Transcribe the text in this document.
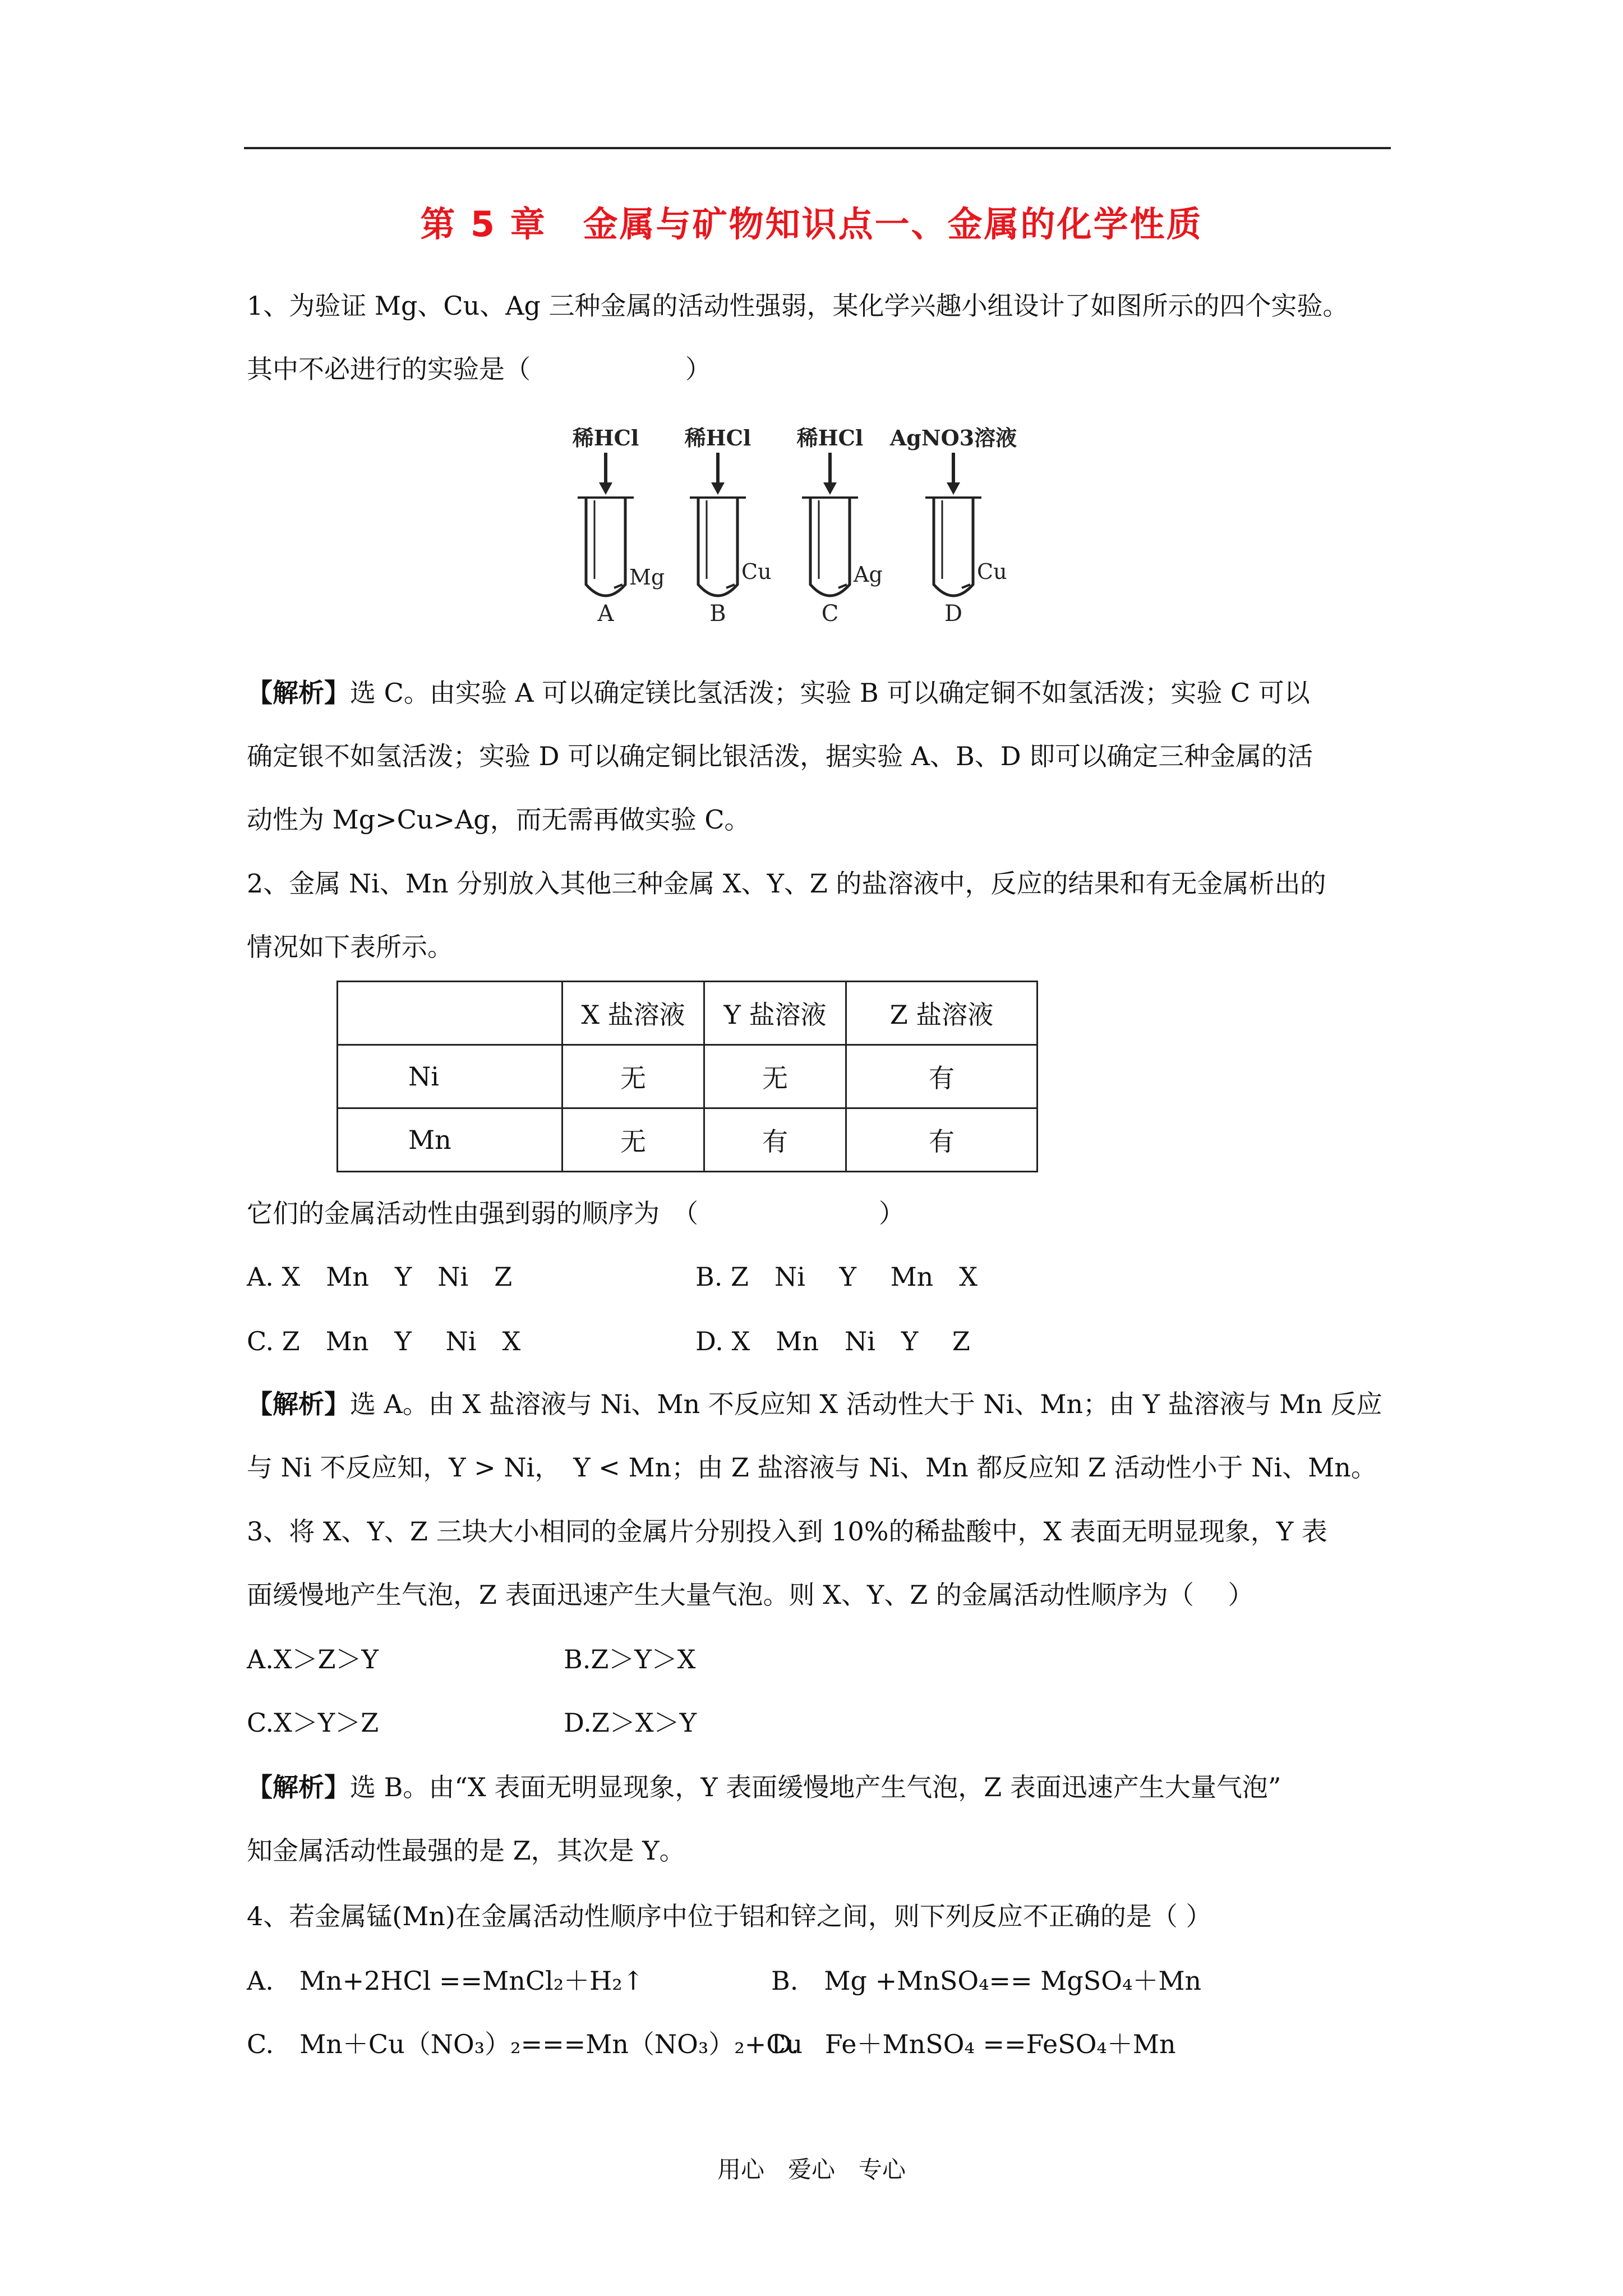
第 5 章　金属与矿物知识点一、金属的化学性质
1、为验证 Mg、Cu、Ag 三种金属的活动性强弱，某化学兴趣小组设计了如图所示的四个实验。
其中不必进行的实验是（　　　　　　）
稀HCl
Mg
A
稀HCl
Cu
B
稀HCl
Ag
C
AgNO3溶液
Cu
D
【解析】选 C。由实验 A 可以确定镁比氢活泼；实验 B 可以确定铜不如氢活泼；实验 C 可以
确定银不如氢活泼；实验 D 可以确定铜比银活泼，据实验 A、B、D 即可以确定三种金属的活
动性为 Mg>Cu>Ag，而无需再做实验 C。
2、金属 Ni、Mn 分别放入其他三种金属 X、Y、Z 的盐溶液中，反应的结果和有无金属析出的
情况如下表所示。
	X 盐溶液	Y 盐溶液	Z 盐溶液
Ni	无	无	有
Mn	无	有	有
它们的金属活动性由强到弱的顺序为　（　　　　　　　）
A. X　Mn　Y　Ni　Z	B. Z　Ni　 Y　 Mn　X
C. Z　Mn　Y　 Ni　X	D. X　Mn　Ni　Y　 Z
【解析】选 A。由 X 盐溶液与 Ni、Mn 不反应知 X 活动性大于 Ni、Mn；由 Y 盐溶液与 Mn 反应
与 Ni 不反应知，Y > Ni，　Y < Mn；由 Z 盐溶液与 Ni、Mn 都反应知 Z 活动性小于 Ni、Mn。
3、将 X、Y、Z 三块大小相同的金属片分别投入到 10%的稀盐酸中，X 表面无明显现象，Y 表
面缓慢地产生气泡，Z 表面迅速产生大量气泡。则 X、Y、Z 的金属活动性顺序为（　 ）
A.X＞Z＞Y	B.Z＞Y＞X
C.X＞Y＞Z	D.Z＞X＞Y
【解析】选 B。由“X 表面无明显现象，Y 表面缓慢地产生气泡，Z 表面迅速产生大量气泡”
知金属活动性最强的是 Z，其次是 Y。
4、若金属锰(Mn)在金属活动性顺序中位于铝和锌之间，则下列反应不正确的是（ ）
A.　Mn+2HCl ==MnCl₂＋H₂↑	B.　Mg +MnSO₄== MgSO₄＋Mn
C.　Mn＋Cu（NO₃）₂===Mn（NO₃）₂+Cu
D.　Fe＋MnSO₄ ==FeSO₄＋Mn
用心　爱心　专心
